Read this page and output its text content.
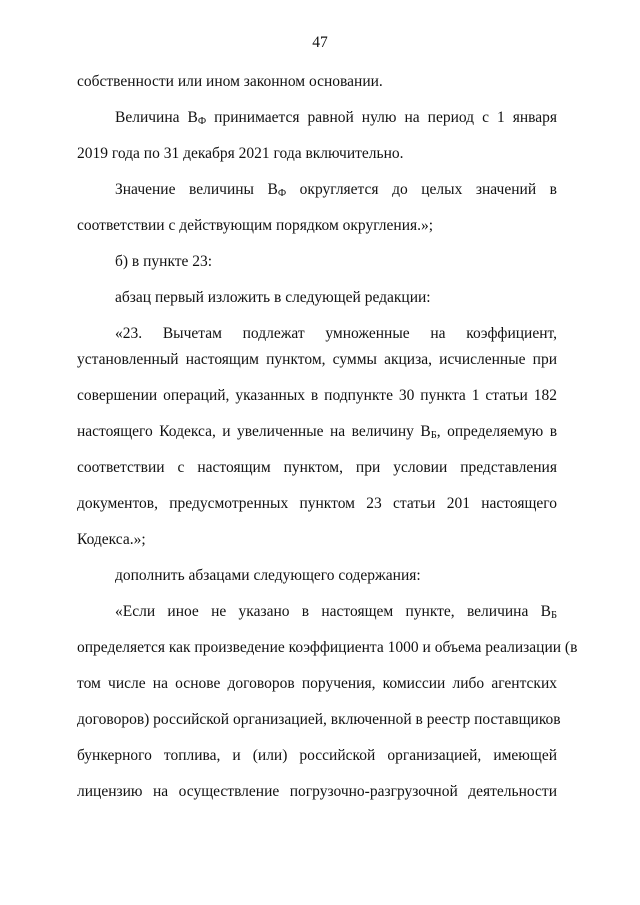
47
собственности или ином законном основании.
Величина $В_Ф$ принимается равной нулю на период с 1 января
2019 года по 31 декабря 2021 года включительно.
Значение величины $В_Ф$ округляется до целых значений в
соответствии с действующим порядком округления.»;
б) в пункте 23:
абзац первый изложить в следующей редакции:
«23. Вычетам подлежат умноженные на коэффициент,
установленный настоящим пунктом, суммы акциза, исчисленные при
совершении операций, указанных в подпункте 30 пункта 1 статьи 182
настоящего Кодекса, и увеличенные на величину $В_Б$, определяемую в
соответствии с настоящим пунктом, при условии представления
документов, предусмотренных пунктом 23 статьи 201 настоящего
Кодекса.»;
дополнить абзацами следующего содержания:
«Если иное не указано в настоящем пункте, величина $В_Б$
определяется как произведение коэффициента 1000 и объема реализации (в
том числе на основе договоров поручения, комиссии либо агентских
договоров) российской организацией, включенной в реестр поставщиков
бункерного топлива, и (или) российской организацией, имеющей
лицензию на осуществление погрузочно-разгрузочной деятельности
